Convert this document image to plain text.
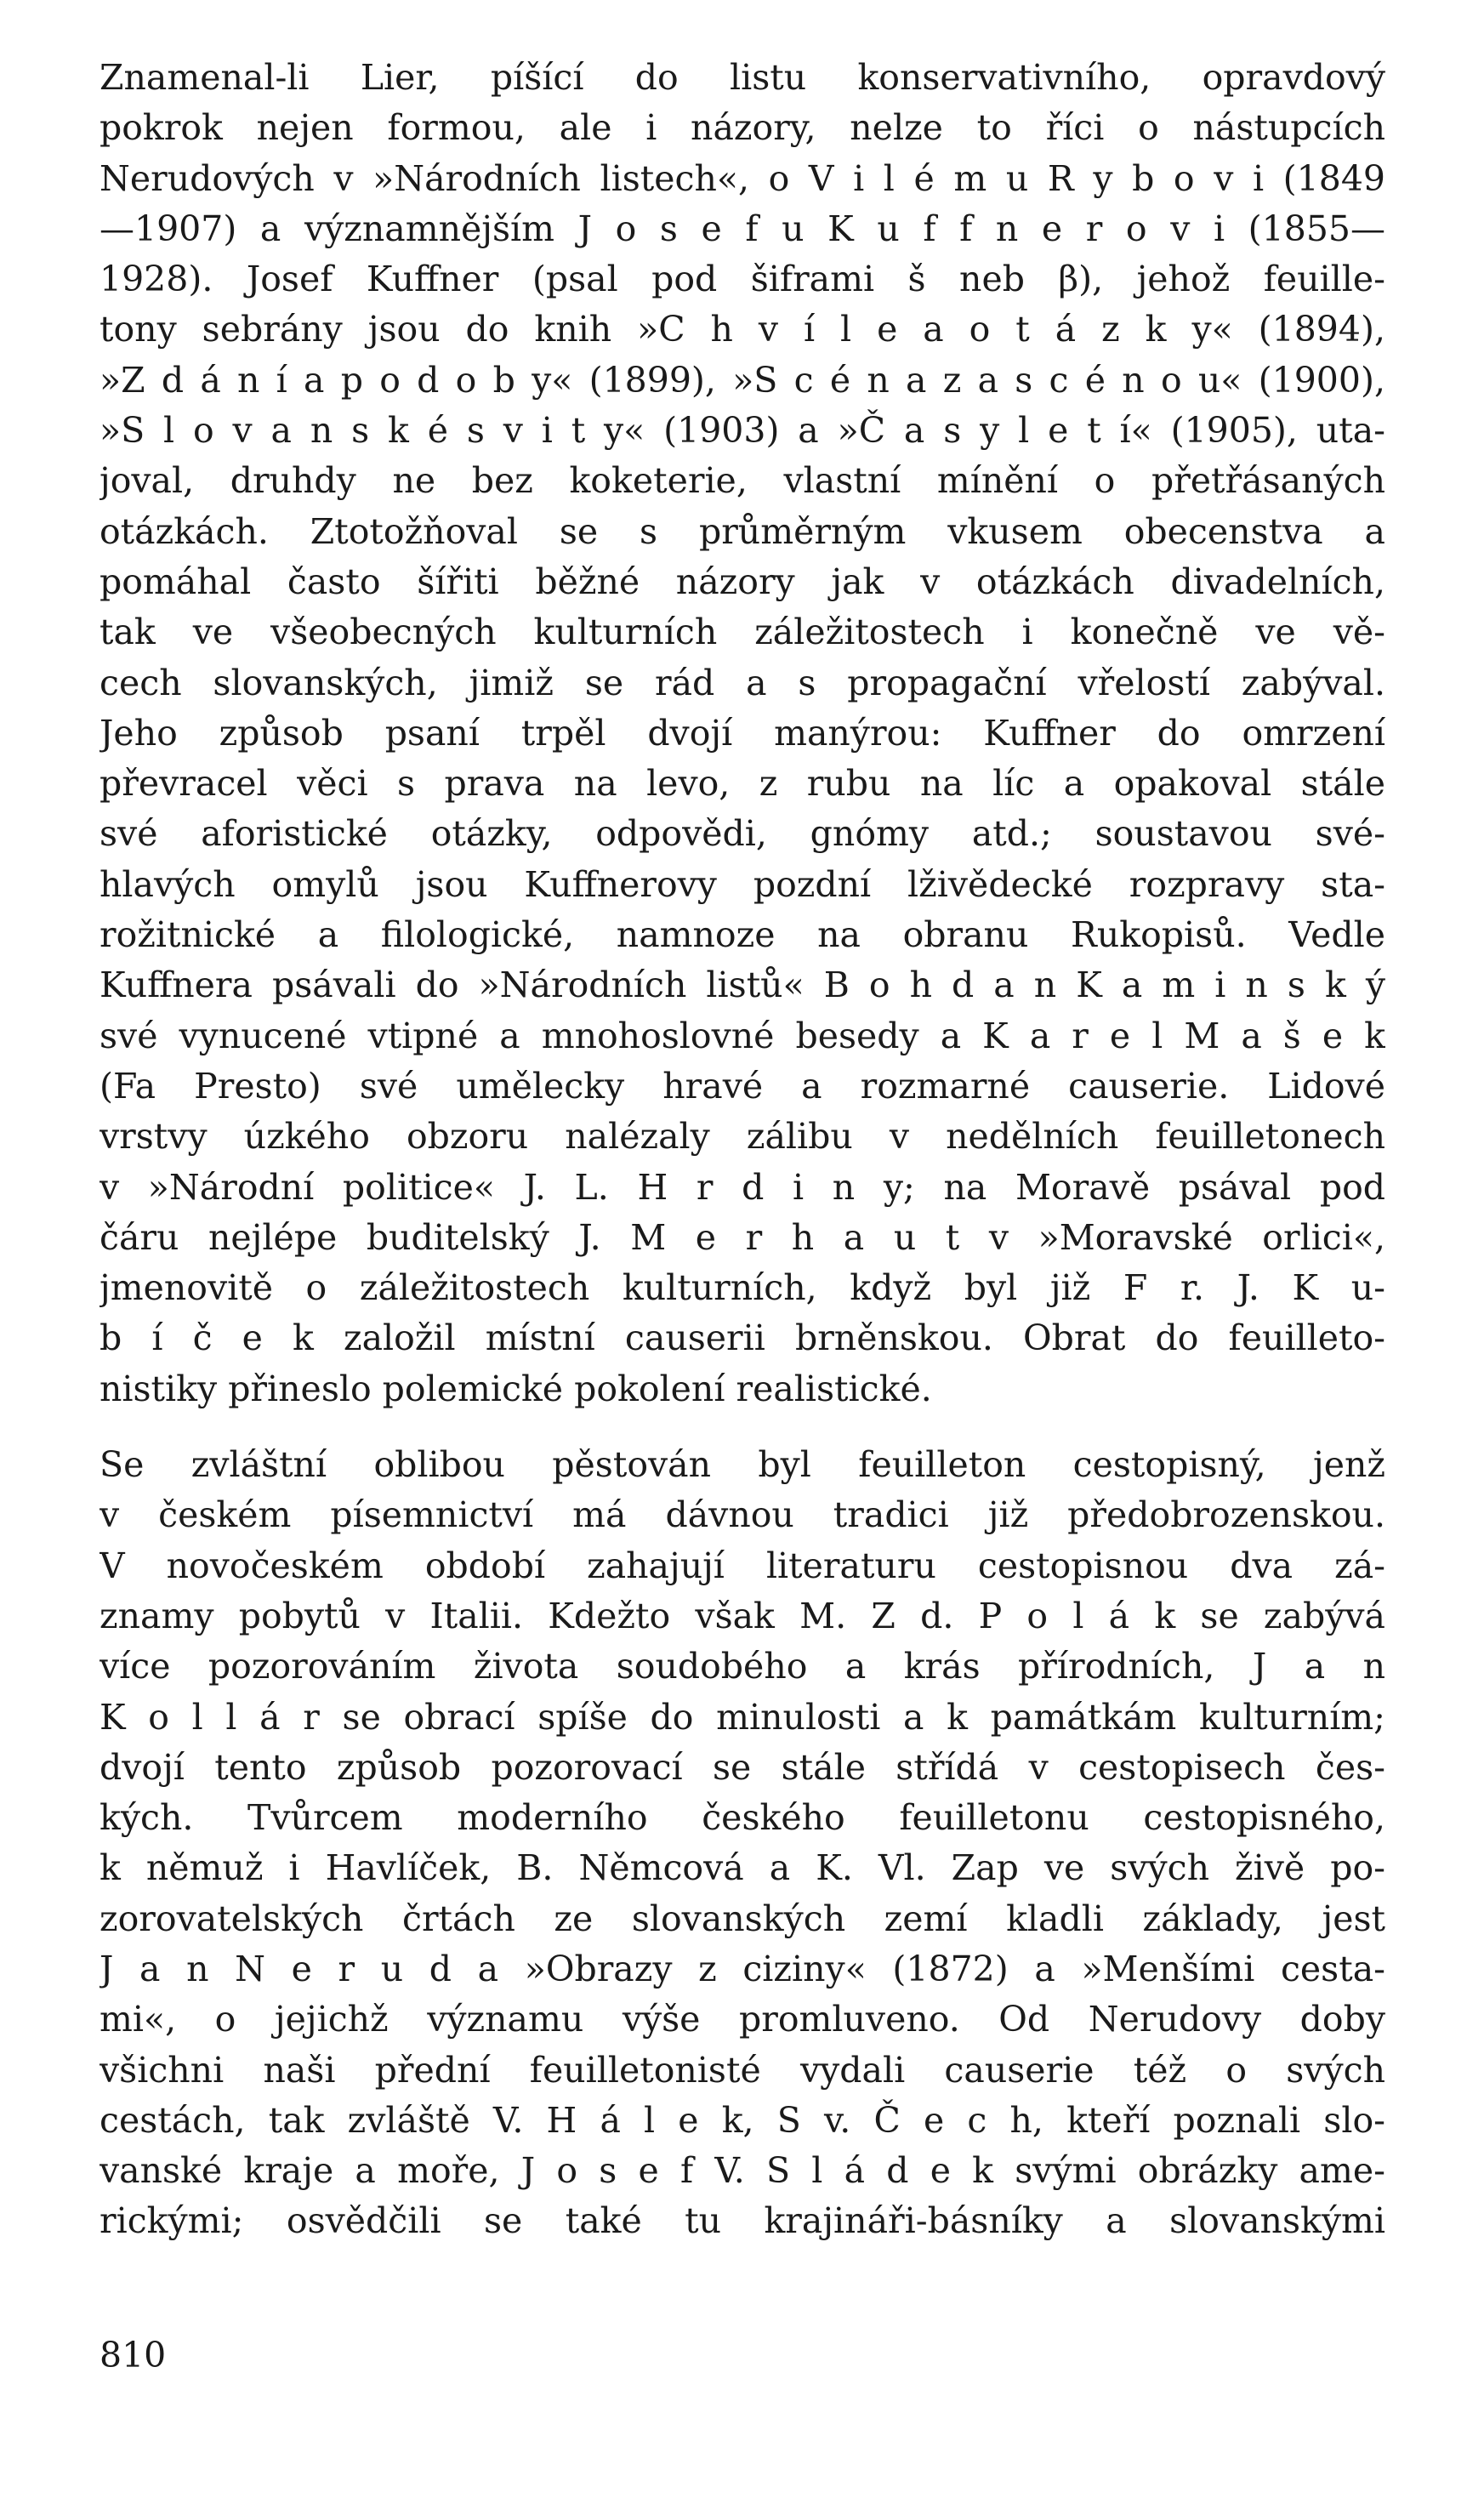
Znamenal-li Lier, píšící do listu konservativního, opravdový
pokrok nejen formou, ale i názory, nelze to říci o nástupcích
Nerudových v »Národních listech«, o V i l é m u R y b o v i (1849
—1907) a významnějším J o s e f u K u f f n e r o v i (1855—
1928). Josef Kuffner (psal pod šiframi š neb β), jehož feuille-
tony sebrány jsou do knih »C h v í l e a o t á z k y« (1894),
»Z d á n í a p o d o b y« (1899), »S c é n a z a s c é n o u« (1900),
»S l o v a n s k é s v i t y« (1903) a »Č a s y l e t í« (1905), uta-
joval, druhdy ne bez koketerie, vlastní mínění o přetřásaných
otázkách. Ztotožňoval se s průměrným vkusem obecenstva a
pomáhal často šířiti běžné názory jak v otázkách divadelních,
tak ve všeobecných kulturních záležitostech i konečně ve vě-
cech slovanských, jimiž se rád a s propagační vřelostí zabýval.
Jeho způsob psaní trpěl dvojí manýrou: Kuffner do omrzení
převracel věci s prava na levo, z rubu na líc a opakoval stále
své aforistické otázky, odpovědi, gnómy atd.; soustavou své-
hlavých omylů jsou Kuffnerovy pozdní lživědecké rozpravy sta-
rožitnické a filologické, namnoze na obranu Rukopisů. Vedle
Kuffnera psávali do »Národních listů« B o h d a n K a m i n s k ý
své vynucené vtipné a mnohoslovné besedy a K a r e l M a š e k
(Fa Presto) své umělecky hravé a rozmarné causerie. Lidové
vrstvy úzkého obzoru nalézaly zálibu v nedělních feuilletonech
v »Národní politice« J. L. H r d i n y; na Moravě psával pod
čáru nejlépe buditelský J. M e r h a u t v »Moravské orlici«,
jmenovitě o záležitostech kulturních, když byl již F r. J. K u-
b í č e k založil místní causerii brněnskou. Obrat do feuilleto-
nistiky přineslo polemické pokolení realistické.
Se zvláštní oblibou pěstován byl feuilleton cestopisný, jenž
v českém písemnictví má dávnou tradici již předobrozenskou.
V novočeském období zahajují literaturu cestopisnou dva zá-
znamy pobytů v Italii. Kdežto však M. Z d. P o l á k se zabývá
více pozorováním života soudobého a krás přírodních, J a n
K o l l á r se obrací spíše do minulosti a k památkám kulturním;
dvojí tento způsob pozorovací se stále střídá v cestopisech čes-
kých. Tvůrcem moderního českého feuilletonu cestopisného,
k němuž i Havlíček, B. Němcová a K. Vl. Zap ve svých živě po-
zorovatelských črtách ze slovanských zemí kladli základy, jest
J a n N e r u d a »Obrazy z ciziny« (1872) a »Menšími cesta-
mi«, o jejichž významu výše promluveno. Od Nerudovy doby
všichni naši přední feuilletonisté vydali causerie též o svých
cestách, tak zvláště V. H á l e k, S v. Č e c h, kteří poznali slo-
vanské kraje a moře, J o s e f V. S l á d e k svými obrázky ame-
rickými; osvědčili se také tu krajináři-básníky a slovanskými
810
